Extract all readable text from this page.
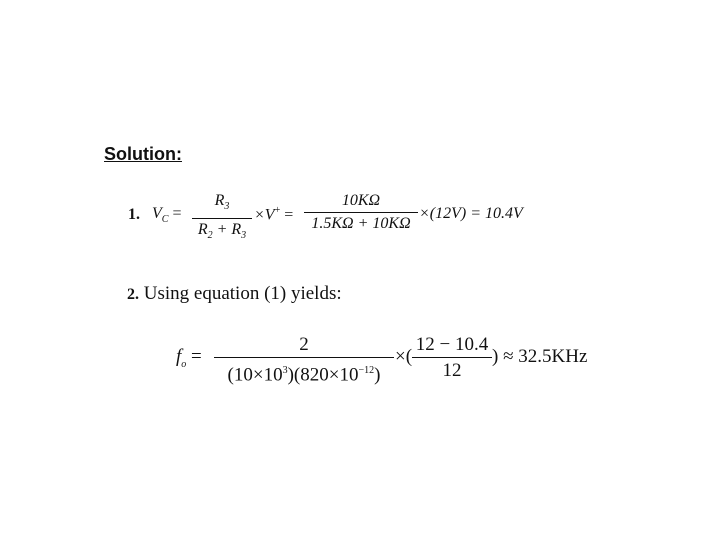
Solution:
1. $V_C$ =
$R_3$
$R_2 + R_3$
×V+ =
10KΩ
1.5KΩ + 10KΩ
×(12V) = 10.4V
2. Using equation (1) yields:
$f_o$ =
2
$(10\times 10^3)(820\times 10^{-12})$
×(
12 − 10.4
12
) ≈ 32.5KHz
